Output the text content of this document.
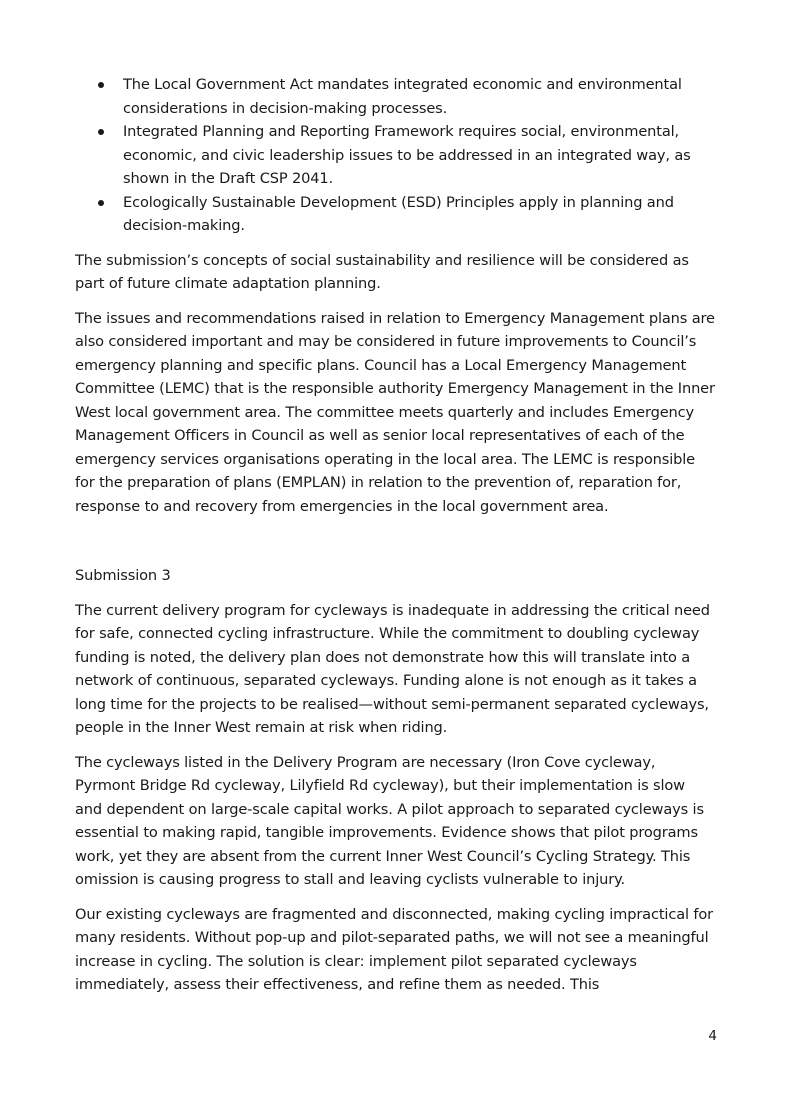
The Local Government Act mandates integrated economic and environmental considerations in decision-making processes.
Integrated Planning and Reporting Framework requires social, environmental, economic, and civic leadership issues to be addressed in an integrated way, as shown in the Draft CSP 2041.
Ecologically Sustainable Development (ESD) Principles apply in planning and decision-making.

The submission’s concepts of social sustainability and resilience will be considered as part of future climate adaptation planning.

The issues and recommendations raised in relation to Emergency Management plans are also considered important and may be considered in future improvements to Council’s emergency planning and specific plans. Council has a Local Emergency Management Committee (LEMC) that is the responsible authority Emergency Management in the Inner West local government area. The committee meets quarterly and includes Emergency Management Officers in Council as well as senior local representatives of each of the emergency services organisations operating in the local area. The LEMC is responsible for the preparation of plans (EMPLAN) in relation to the prevention of, reparation for, response to and recovery from emergencies in the local government area.

Submission 3

The current delivery program for cycleways is inadequate in addressing the critical need for safe, connected cycling infrastructure. While the commitment to doubling cycleway funding is noted, the delivery plan does not demonstrate how this will translate into a network of continuous, separated cycleways. Funding alone is not enough as it takes a long time for the projects to be realised—without semi-permanent separated cycleways, people in the Inner West remain at risk when riding.

The cycleways listed in the Delivery Program are necessary (Iron Cove cycleway, Pyrmont Bridge Rd cycleway, Lilyfield Rd cycleway), but their implementation is slow and dependent on large-scale capital works. A pilot approach to separated cycleways is essential to making rapid, tangible improvements. Evidence shows that pilot programs work, yet they are absent from the current Inner West Council’s Cycling Strategy. This omission is causing progress to stall and leaving cyclists vulnerable to injury.

Our existing cycleways are fragmented and disconnected, making cycling impractical for many residents. Without pop-up and pilot-separated paths, we will not see a meaningful increase in cycling. The solution is clear: implement pilot separated cycleways immediately, assess their effectiveness, and refine them as needed. This

4
